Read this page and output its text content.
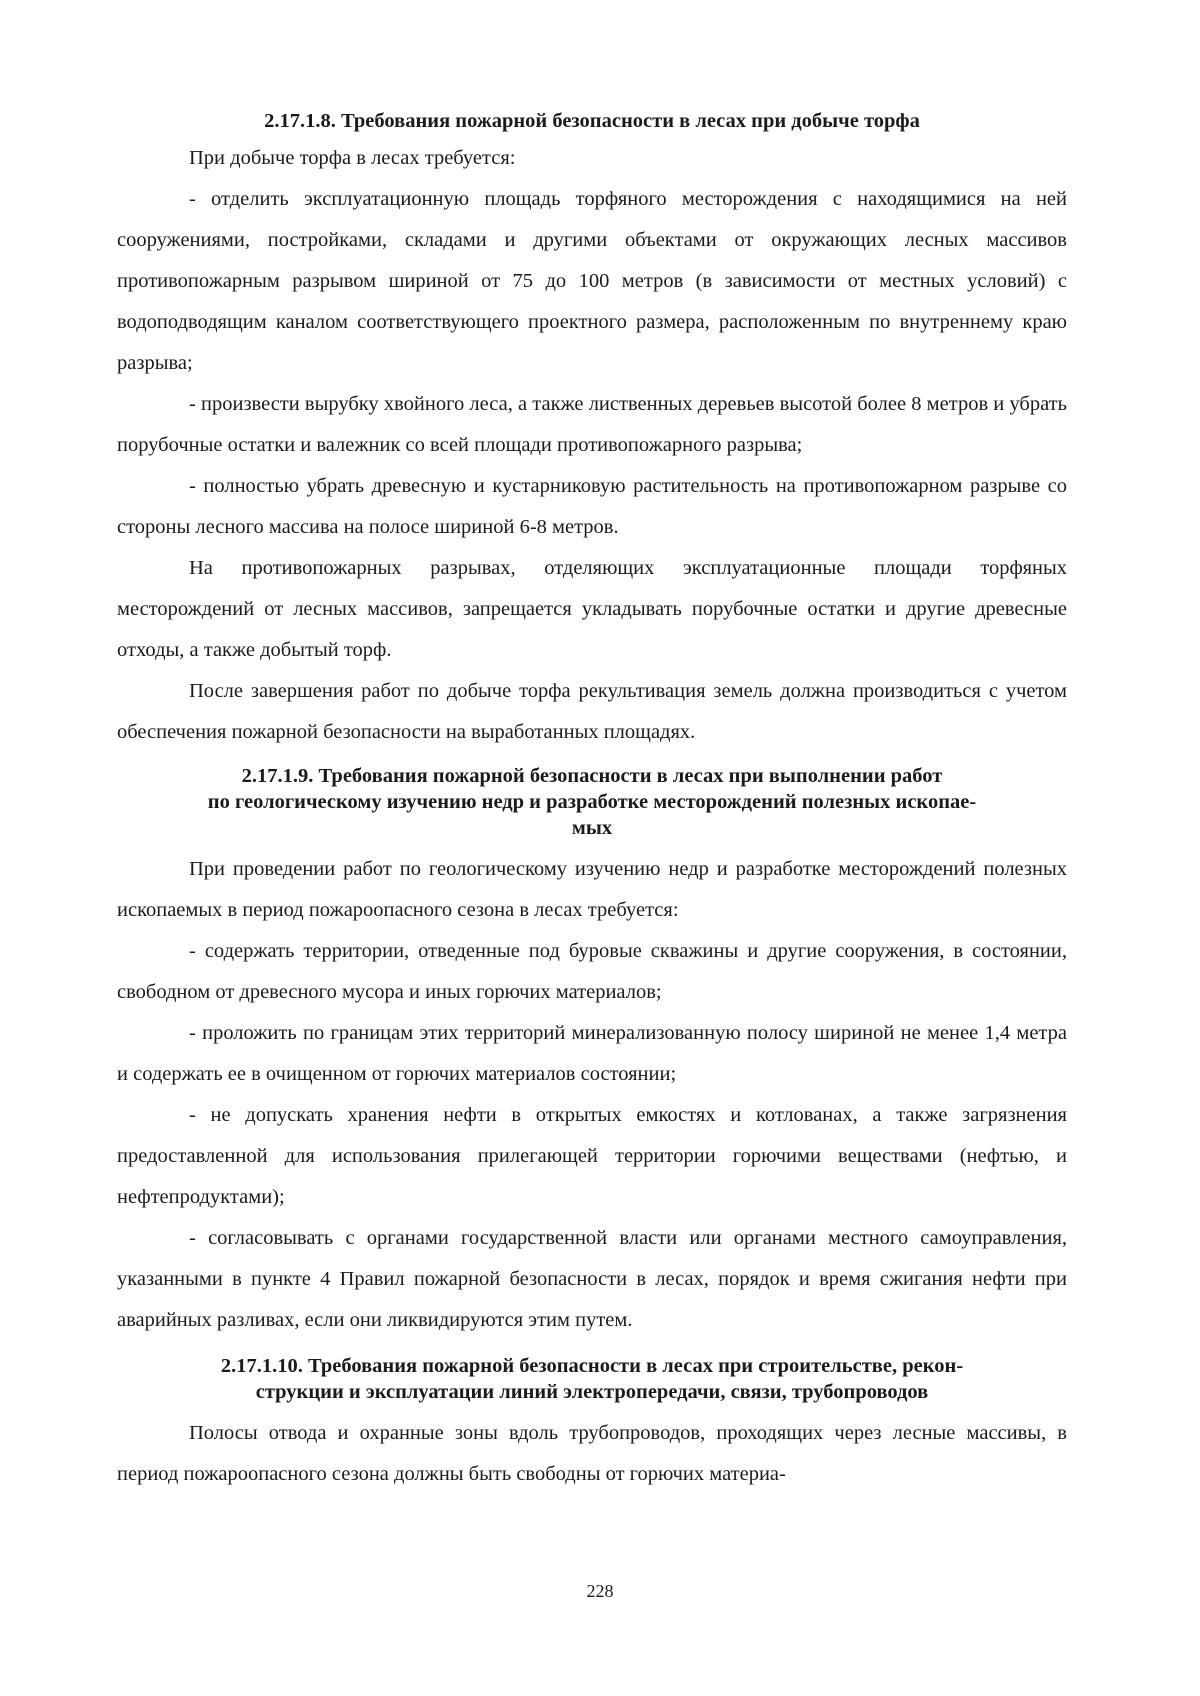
2.17.1.8. Требования пожарной безопасности в лесах при добыче торфа

При добыче торфа в лесах требуется:

- отделить эксплуатационную площадь торфяного месторождения с находящимися на ней сооружениями, постройками, складами и другими объектами от окружающих лесных массивов противопожарным разрывом шириной от 75 до 100 метров (в зависимости от местных условий) с водоподводящим каналом соответствующего проектного размера, расположенным по внутреннему краю разрыва;

- произвести вырубку хвойного леса, а также лиственных деревьев высотой более 8 метров и убрать порубочные остатки и валежник со всей площади противопожарного разрыва;

- полностью убрать древесную и кустарниковую растительность на противопожарном разрыве со стороны лесного массива на полосе шириной 6-8 метров.

На противопожарных разрывах, отделяющих эксплуатационные площади торфяных месторождений от лесных массивов, запрещается укладывать порубочные остатки и другие древесные отходы, а также добытый торф.

После завершения работ по добыче торфа рекультивация земель должна производиться с учетом обеспечения пожарной безопасности на выработанных площадях.

2.17.1.9. Требования пожарной безопасности в лесах при выполнении работ
по геологическому изучению недр и разработке месторождений полезных ископае-
мых

При проведении работ по геологическому изучению недр и разработке месторождений полезных ископаемых в период пожароопасного сезона в лесах требуется:

- содержать территории, отведенные под буровые скважины и другие сооружения, в состоянии, свободном от древесного мусора и иных горючих материалов;

- проложить по границам этих территорий минерализованную полосу шириной не менее 1,4 метра и содержать ее в очищенном от горючих материалов состоянии;

- не допускать хранения нефти в открытых емкостях и котлованах, а также загрязнения предоставленной для использования прилегающей территории горючими веществами (нефтью, и нефтепродуктами);

- согласовывать с органами государственной власти или органами местного самоуправления, указанными в пункте 4 Правил пожарной безопасности в лесах, порядок и время сжигания нефти при аварийных разливах, если они ликвидируются этим путем.

2.17.1.10. Требования пожарной безопасности в лесах при строительстве, рекон-
струкции и эксплуатации линий электропередачи, связи, трубопроводов

Полосы отвода и охранные зоны вдоль трубопроводов, проходящих через лесные массивы, в период пожароопасного сезона должны быть свободны от горючих материа-

228
